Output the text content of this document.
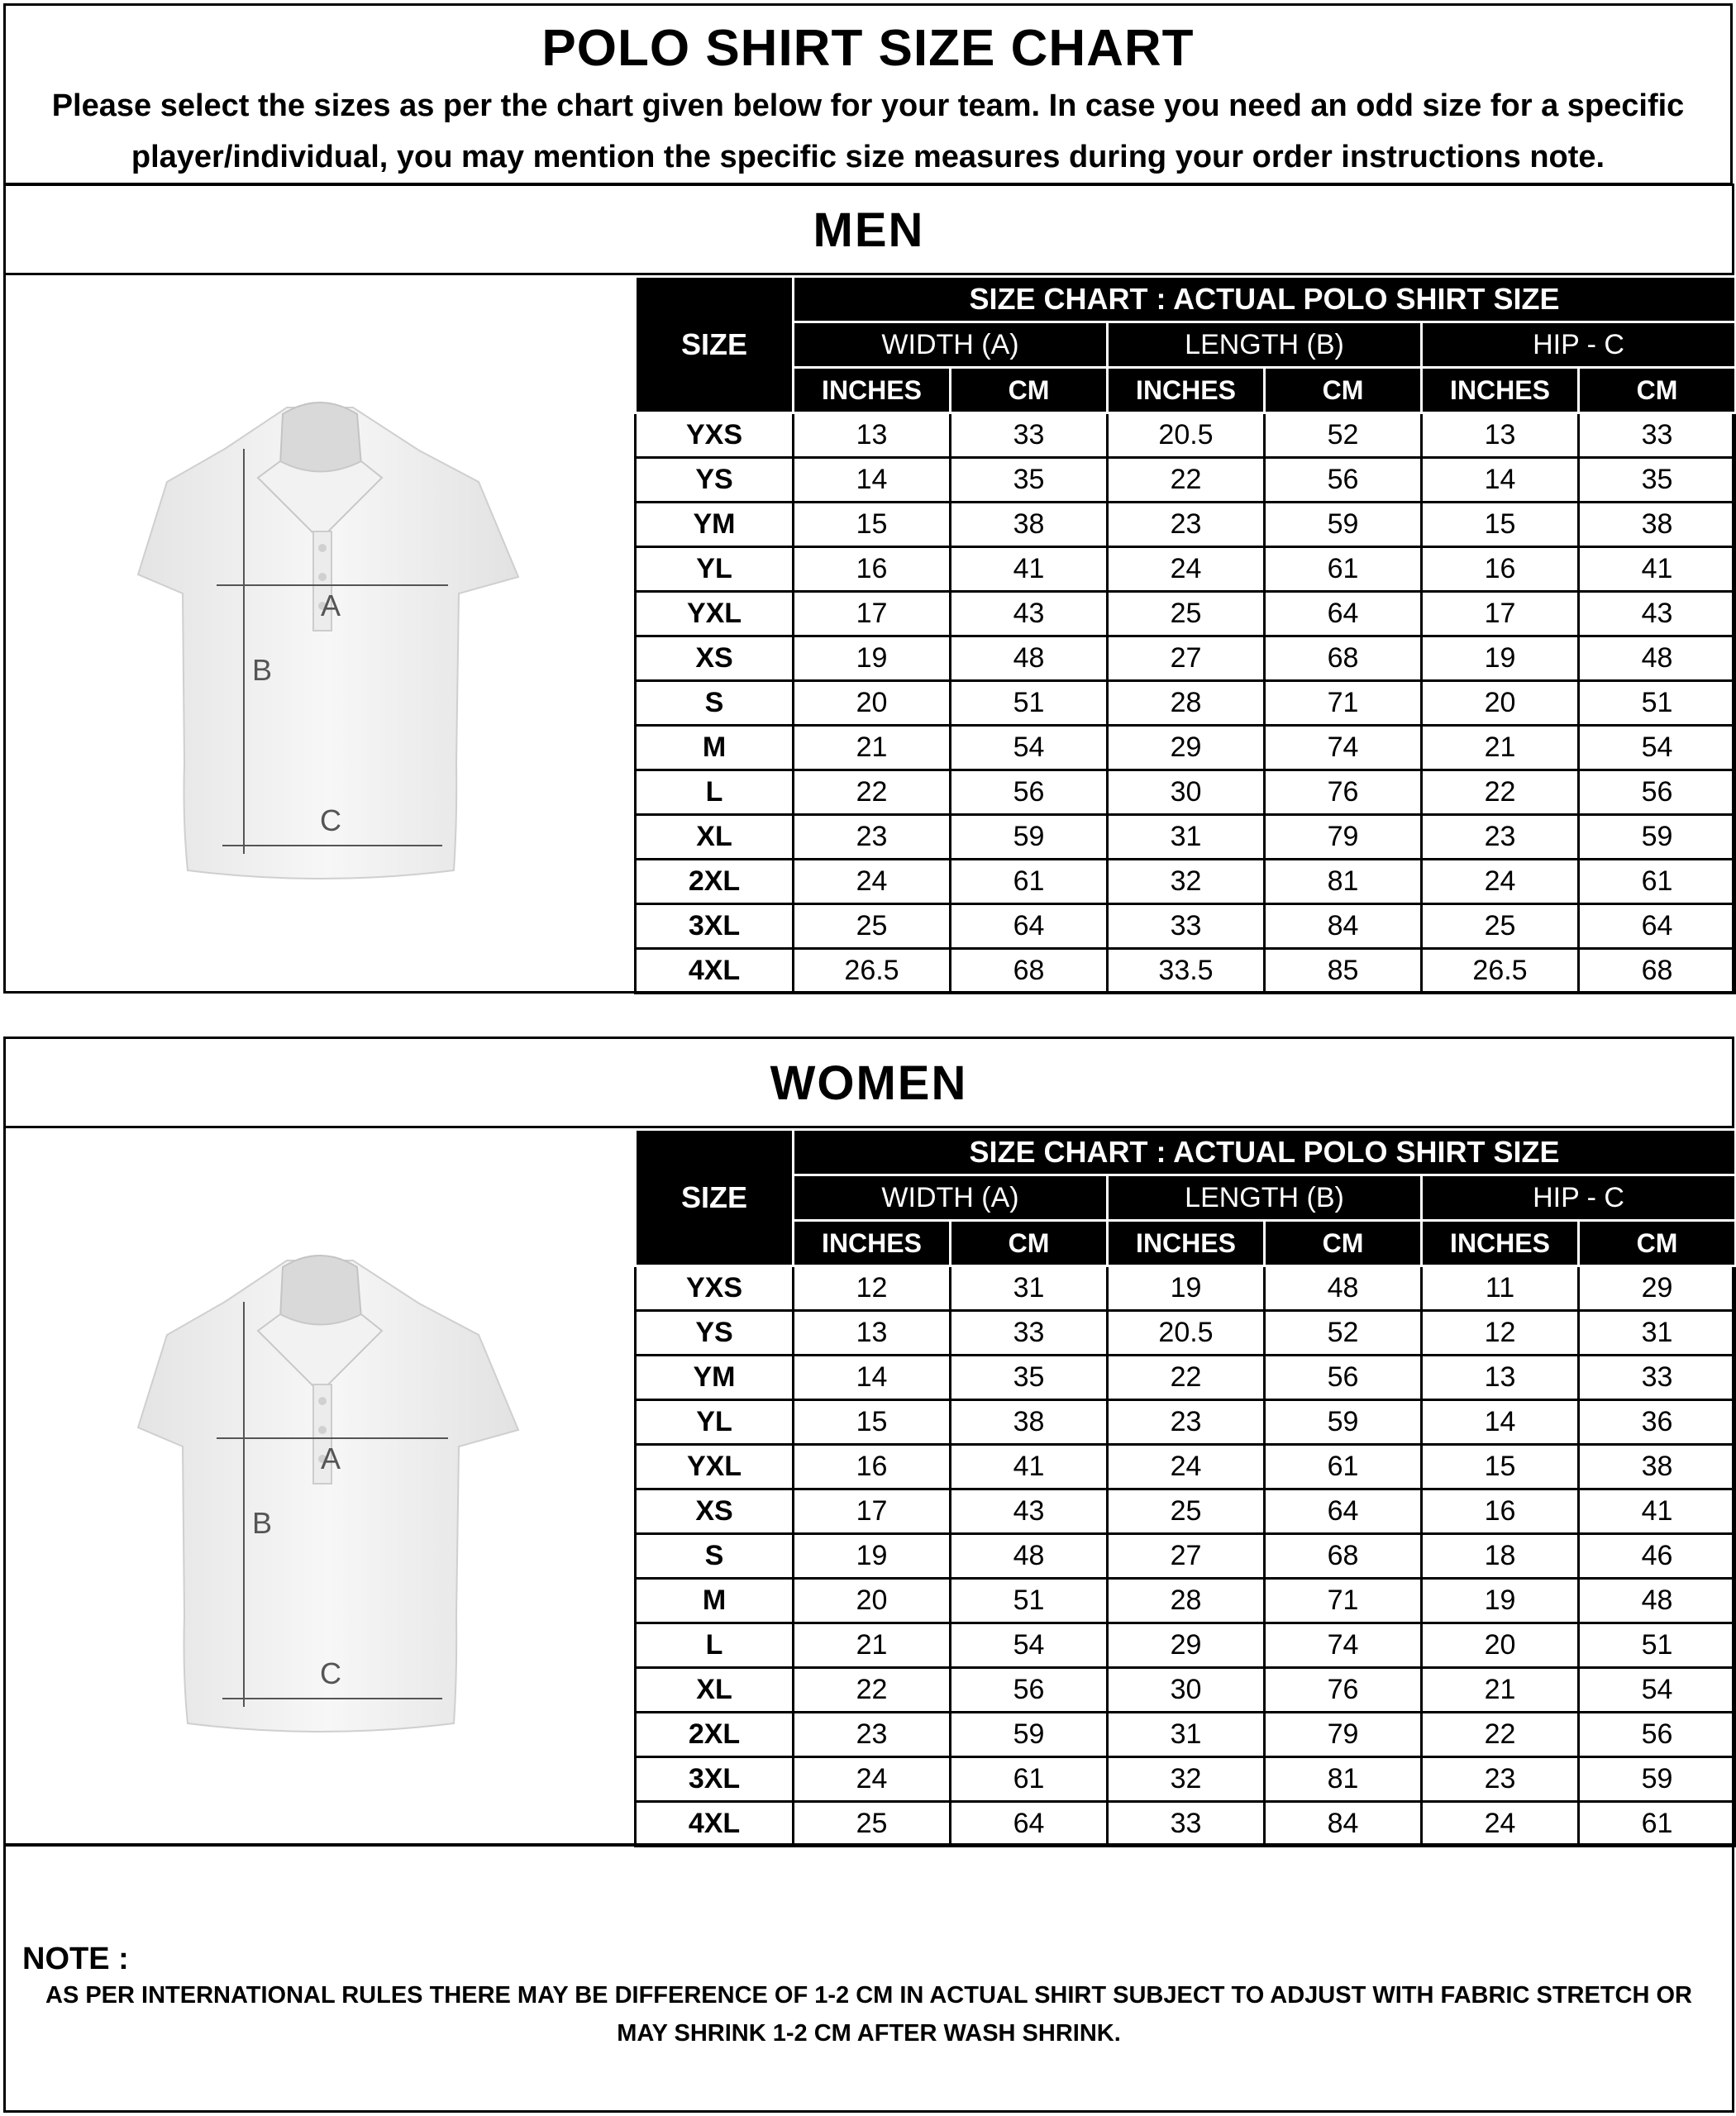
POLO SHIRT SIZE CHART
Please select the sizes as per the chart given below for your team. In case you need an odd size for a specific player/individual, you may mention the specific size measures during your order instructions note.
MEN
A
B
C
SIZE	SIZE CHART : ACTUAL POLO SHIRT SIZE					
	WIDTH (A)		LENGTH (B)		HIP - C	
	INCHES	CM	INCHES	CM	INCHES	CM
YXS	13	33	20.5	52	13	33
YS	14	35	22	56	14	35
YM	15	38	23	59	15	38
YL	16	41	24	61	16	41
YXL	17	43	25	64	17	43
XS	19	48	27	68	19	48
S	20	51	28	71	20	51
M	21	54	29	74	21	54
L	22	56	30	76	22	56
XL	23	59	31	79	23	59
2XL	24	61	32	81	24	61
3XL	25	64	33	84	25	64
4XL	26.5	68	33.5	85	26.5	68
WOMEN
A
B
C
SIZE	SIZE CHART : ACTUAL POLO SHIRT SIZE					
	WIDTH (A)		LENGTH (B)		HIP - C	
	INCHES	CM	INCHES	CM	INCHES	CM
YXS	12	31	19	48	11	29
YS	13	33	20.5	52	12	31
YM	14	35	22	56	13	33
YL	15	38	23	59	14	36
YXL	16	41	24	61	15	38
XS	17	43	25	64	16	41
S	19	48	27	68	18	46
M	20	51	28	71	19	48
L	21	54	29	74	20	51
XL	22	56	30	76	21	54
2XL	23	59	31	79	22	56
3XL	24	61	32	81	23	59
4XL	25	64	33	84	24	61
NOTE :
AS PER INTERNATIONAL RULES THERE MAY BE DIFFERENCE OF 1-2 CM IN ACTUAL SHIRT SUBJECT TO ADJUST WITH FABRIC STRETCH OR MAY SHRINK 1-2 CM AFTER WASH SHRINK.
